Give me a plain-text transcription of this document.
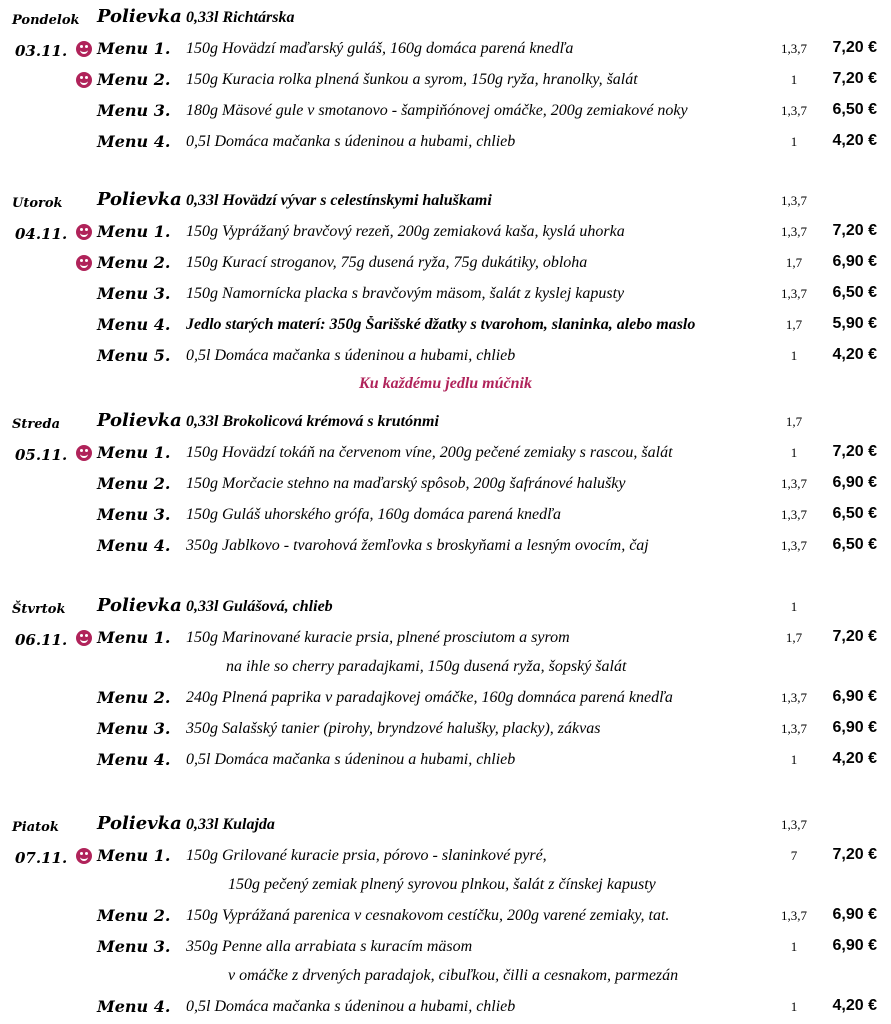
Pondelok Polievka 0,33l Richtárska
03.11. Menu 1. 150g Hovädzí maďarský guláš, 160g domáca parená knedľa	1,3,7	7,20 €
Menu 2. 150g Kuracia rolka plnená šunkou a syrom, 150g ryža, hranolky, šalát	1	7,20 €
Menu 3. 180g Mäsové gule v smotanovo - šampiňónovej omáčke, 200g zemiakové noky	1,3,7	6,50 €
Menu 4. 0,5l Domáca mačanka s údeninou a hubami, chlieb	1	4,20 €
Utorok Polievka 0,33l Hovädzí vývar s celestínskymi haluškami	1,3,7
04.11. Menu 1. 150g Vyprážaný bravčový rezeň, 200g zemiaková kaša, kyslá uhorka	1,3,7	7,20 €
Menu 2. 150g Kurací stroganov, 75g dusená ryža, 75g dukátiky, obloha	1,7	6,90 €
Menu 3. 150g Namornícka placka s bravčovým mäsom, šalát z kyslej kapusty	1,3,7	6,50 €
Menu 4. Jedlo starých materí: 350g Šarišské džatky s tvarohom, slaninka, alebo maslo	1,7	5,90 €
Menu 5. 0,5l Domáca mačanka s údeninou a hubami, chlieb	1	4,20 €
Ku každému jedlu múčnik
Streda Polievka 0,33l Brokolicová krémová s krutónmi	1,7
05.11. Menu 1. 150g Hovädzí tokáň na červenom víne, 200g pečené zemiaky s rascou, šalát	1	7,20 €
Menu 2. 150g Morčacie stehno na maďarský spôsob, 200g šafránové halušky	1,3,7	6,90 €
Menu 3. 150g Guláš uhorského grófa, 160g domáca parená knedľa	1,3,7	6,50 €
Menu 4. 350g Jablkovo - tvarohová žemľovka s broskyňami a lesným ovocím, čaj	1,3,7	6,50 €
Štvrtok Polievka 0,33l Gulášová, chlieb	1
06.11. Menu 1. 150g Marinované kuracie prsia, plnené prosciutom a syrom	1,7	7,20 €
na ihle so cherry paradajkami, 150g dusená ryža, šopský šalát
Menu 2. 240g Plnená paprika v paradajkovej omáčke, 160g domnáca parená knedľa	1,3,7	6,90 €
Menu 3. 350g Salašský tanier (pirohy, bryndzové halušky, placky), zákvas	1,3,7	6,90 €
Menu 4. 0,5l Domáca mačanka s údeninou a hubami, chlieb	1	4,20 €
Piatok Polievka 0,33l Kulajda	1,3,7
07.11. Menu 1. 150g Grilované kuracie prsia, pórovo - slaninkové pyré,	7	7,20 €
150g pečený zemiak plnený syrovou plnkou, šalát z čínskej kapusty
Menu 2. 150g Vyprážaná parenica v cesnakovom cestíčku, 200g varené zemiaky, tat.	1,3,7	6,90 €
Menu 3. 350g Penne alla arrabiata s kuracím mäsom	1	6,90 €
v omáčke z drvených paradajok, cibuľkou, čilli a cesnakom, parmezán
Menu 4. 0,5l Domáca mačanka s údeninou a hubami, chlieb	1	4,20 €
